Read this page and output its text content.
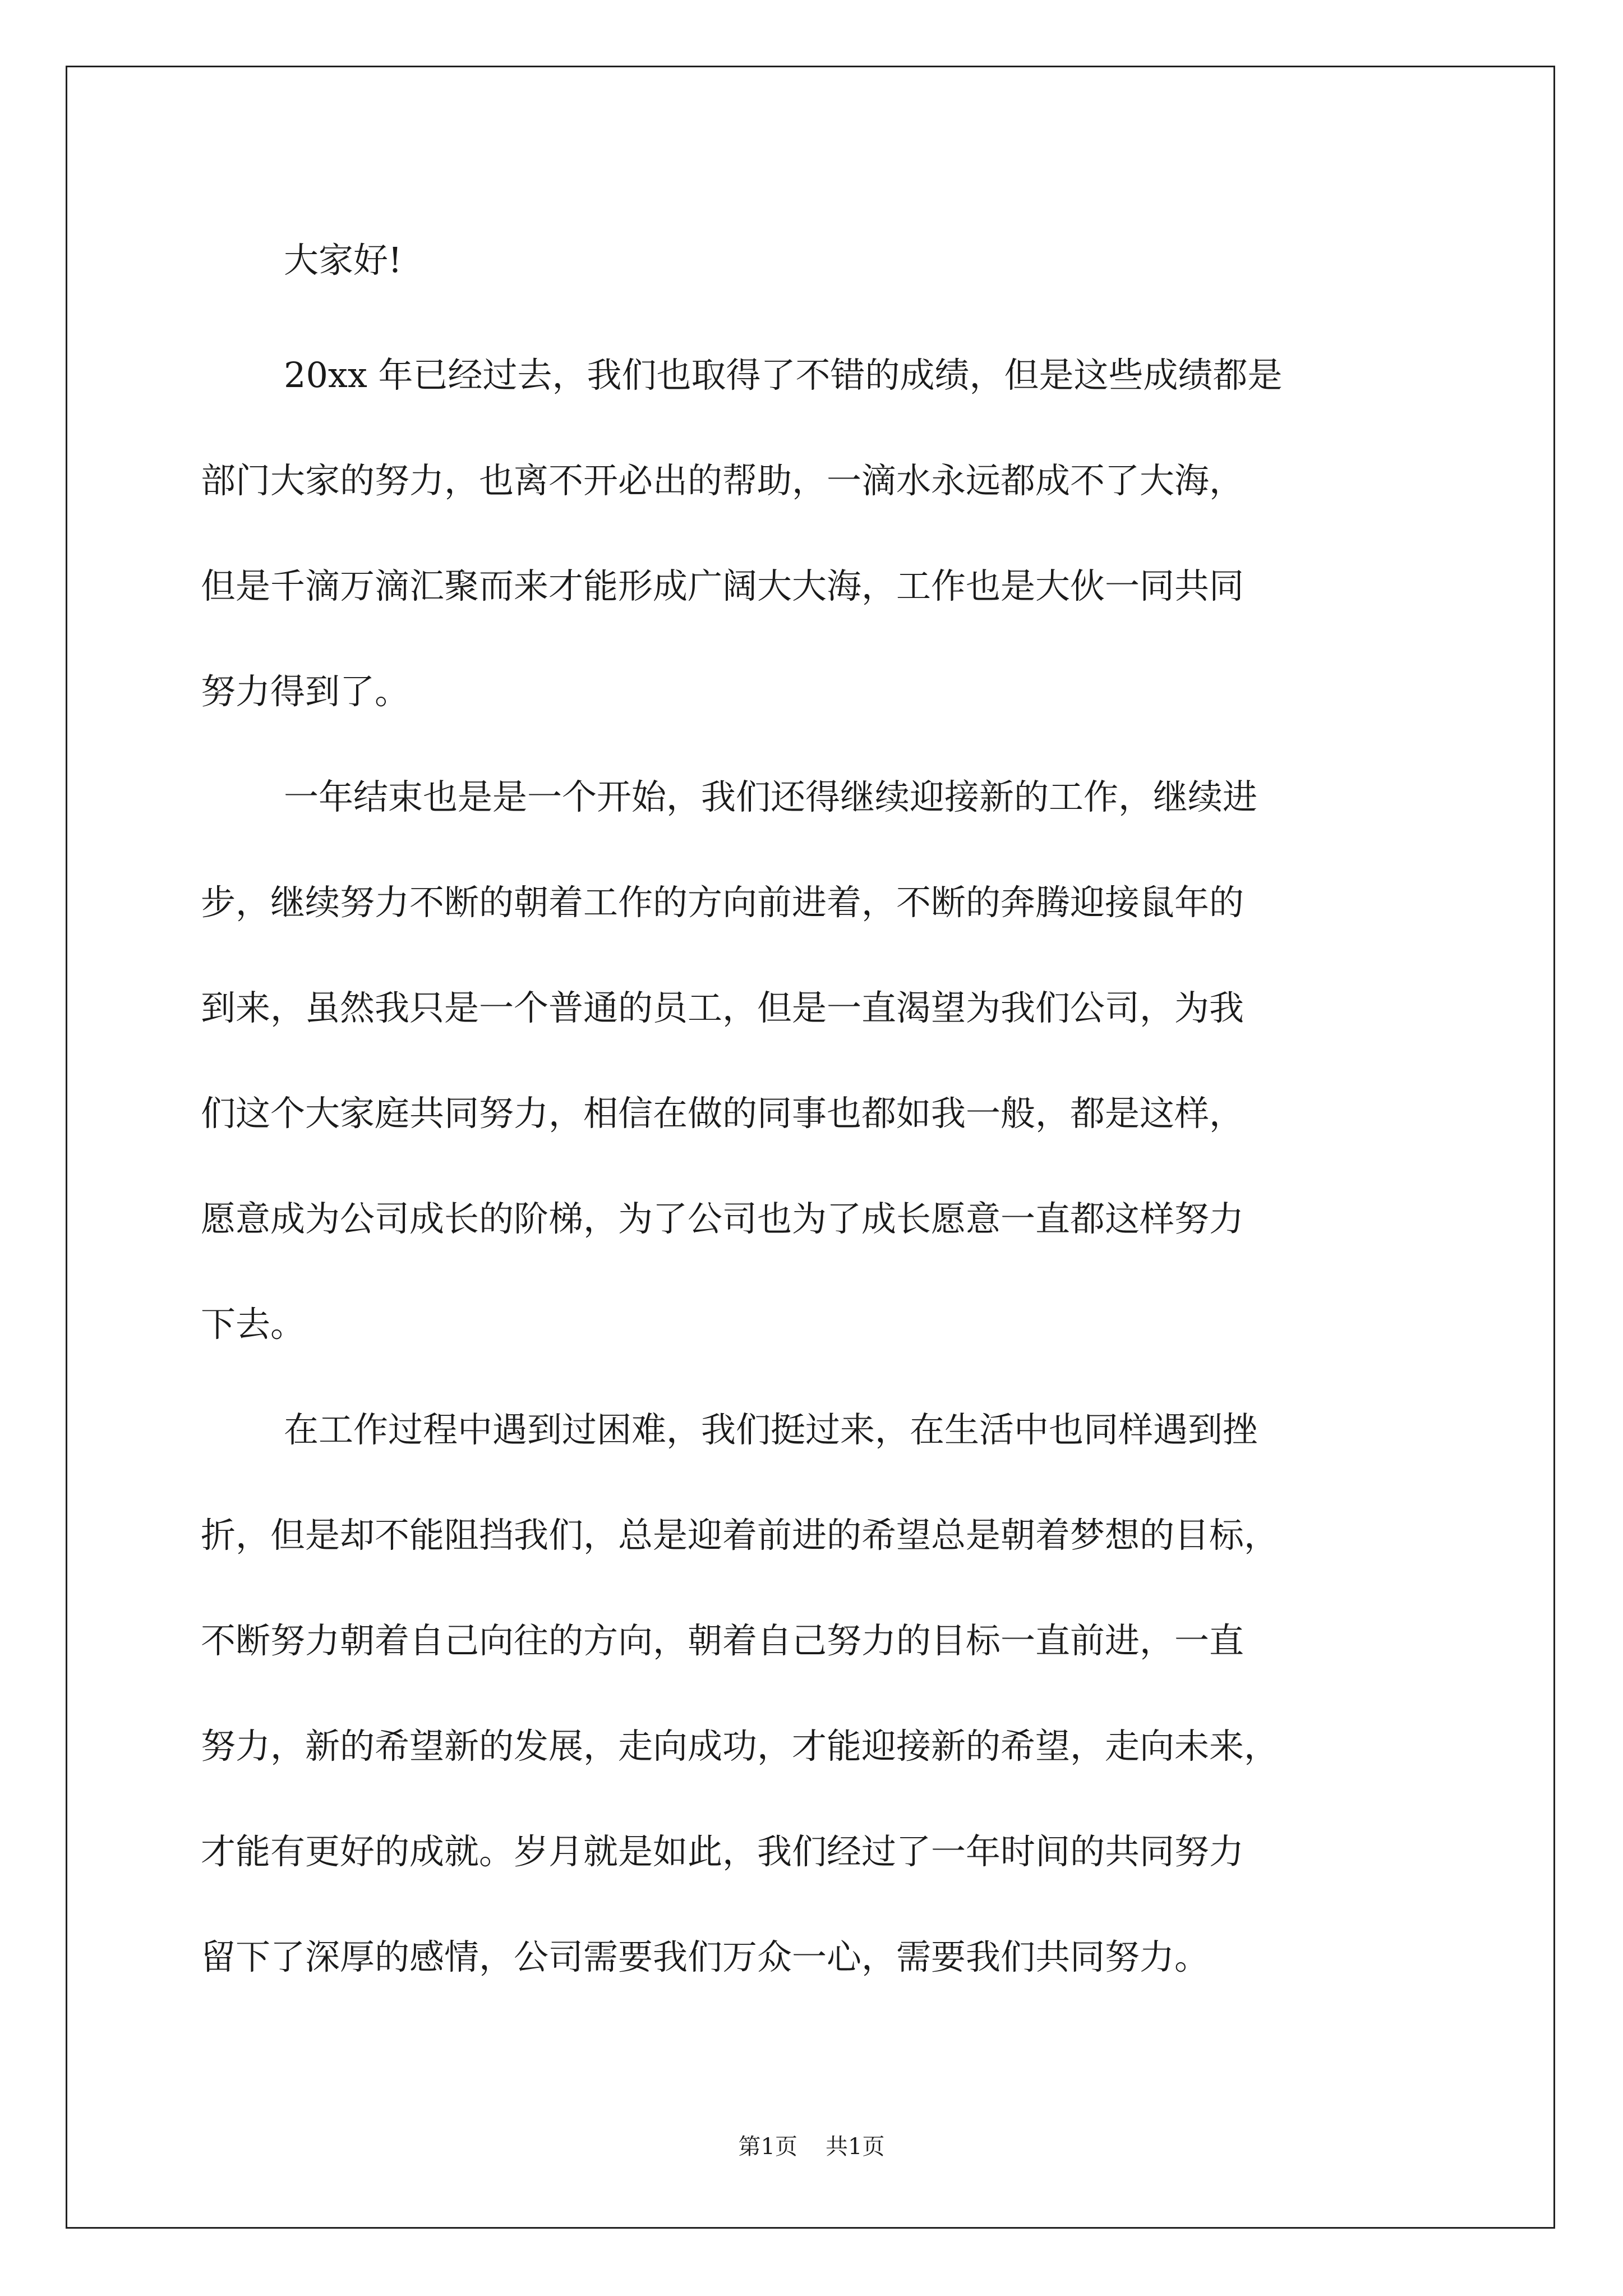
大家好!
20xx 年已经过去，我们也取得了不错的成绩，但是这些成绩都是
部门大家的努力，也离不开必出的帮助，一滴水永远都成不了大海，
但是千滴万滴汇聚而来才能形成广阔大大海，工作也是大伙一同共同
努力得到了。
一年结束也是是一个开始，我们还得继续迎接新的工作，继续进
步，继续努力不断的朝着工作的方向前进着，不断的奔腾迎接鼠年的
到来，虽然我只是一个普通的员工，但是一直渴望为我们公司，为我
们这个大家庭共同努力，相信在做的同事也都如我一般，都是这样，
愿意成为公司成长的阶梯，为了公司也为了成长愿意一直都这样努力
下去。
在工作过程中遇到过困难，我们挺过来，在生活中也同样遇到挫
折，但是却不能阻挡我们，总是迎着前进的希望总是朝着梦想的目标，
不断努力朝着自己向往的方向，朝着自己努力的目标一直前进，一直
努力，新的希望新的发展，走向成功，才能迎接新的希望，走向未来，
才能有更好的成就。岁月就是如此，我们经过了一年时间的共同努力
留下了深厚的感情，公司需要我们万众一心，需要我们共同努力。
第1页 共1页
